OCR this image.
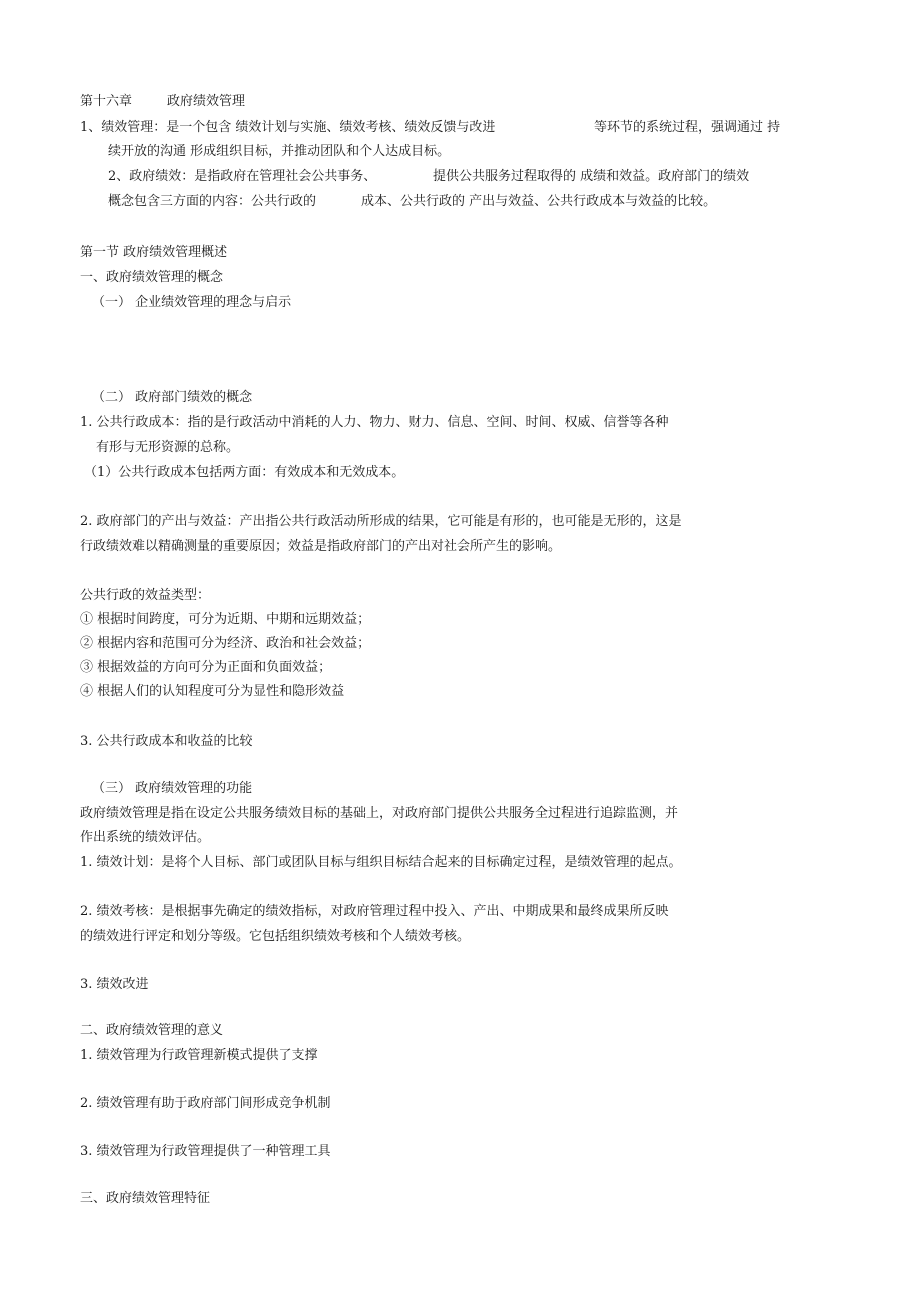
第十六章	政府绩效管理
1、绩效管理：是一个包含 绩效计划与实施、绩效考核、绩效反馈与改进	等环节的系统过程，强调通过 持
续开放的沟通 形成组织目标，并推动团队和个人达成目标。
2、政府绩效：是指政府在管理社会公共事务、	提供公共服务过程取得的 成绩和效益。政府部门的绩效
概念包含三方面的内容：公共行政的	成本、公共行政的 产出与效益、公共行政成本与效益的比较。
第一节 政府绩效管理概述
一、政府绩效管理的概念
（一） 企业绩效管理的理念与启示
（二） 政府部门绩效的概念
1. 公共行政成本：指的是行政活动中消耗的人力、物力、财力、信息、空间、时间、权威、信誉等各种
有形与无形资源的总称。
（1）公共行政成本包括两方面：有效成本和无效成本。
2. 政府部门的产出与效益：产出指公共行政活动所形成的结果，它可能是有形的，也可能是无形的，这是
行政绩效难以精确测量的重要原因；效益是指政府部门的产出对社会所产生的影响。
公共行政的效益类型：
① 根据时间跨度，可分为近期、中期和远期效益；
② 根据内容和范围可分为经济、政治和社会效益；
③ 根据效益的方向可分为正面和负面效益；
④ 根据人们的认知程度可分为显性和隐形效益
3. 公共行政成本和收益的比较
（三） 政府绩效管理的功能
政府绩效管理是指在设定公共服务绩效目标的基础上，对政府部门提供公共服务全过程进行追踪监测，并
作出系统的绩效评估。
1. 绩效计划：是将个人目标、部门或团队目标与组织目标结合起来的目标确定过程，是绩效管理的起点。
2. 绩效考核：是根据事先确定的绩效指标，对政府管理过程中投入、产出、中期成果和最终成果所反映
的绩效进行评定和划分等级。它包括组织绩效考核和个人绩效考核。
3. 绩效改进
二、政府绩效管理的意义
1. 绩效管理为行政管理新模式提供了支撑
2. 绩效管理有助于政府部门间形成竞争机制
3. 绩效管理为行政管理提供了一种管理工具
三、政府绩效管理特征
